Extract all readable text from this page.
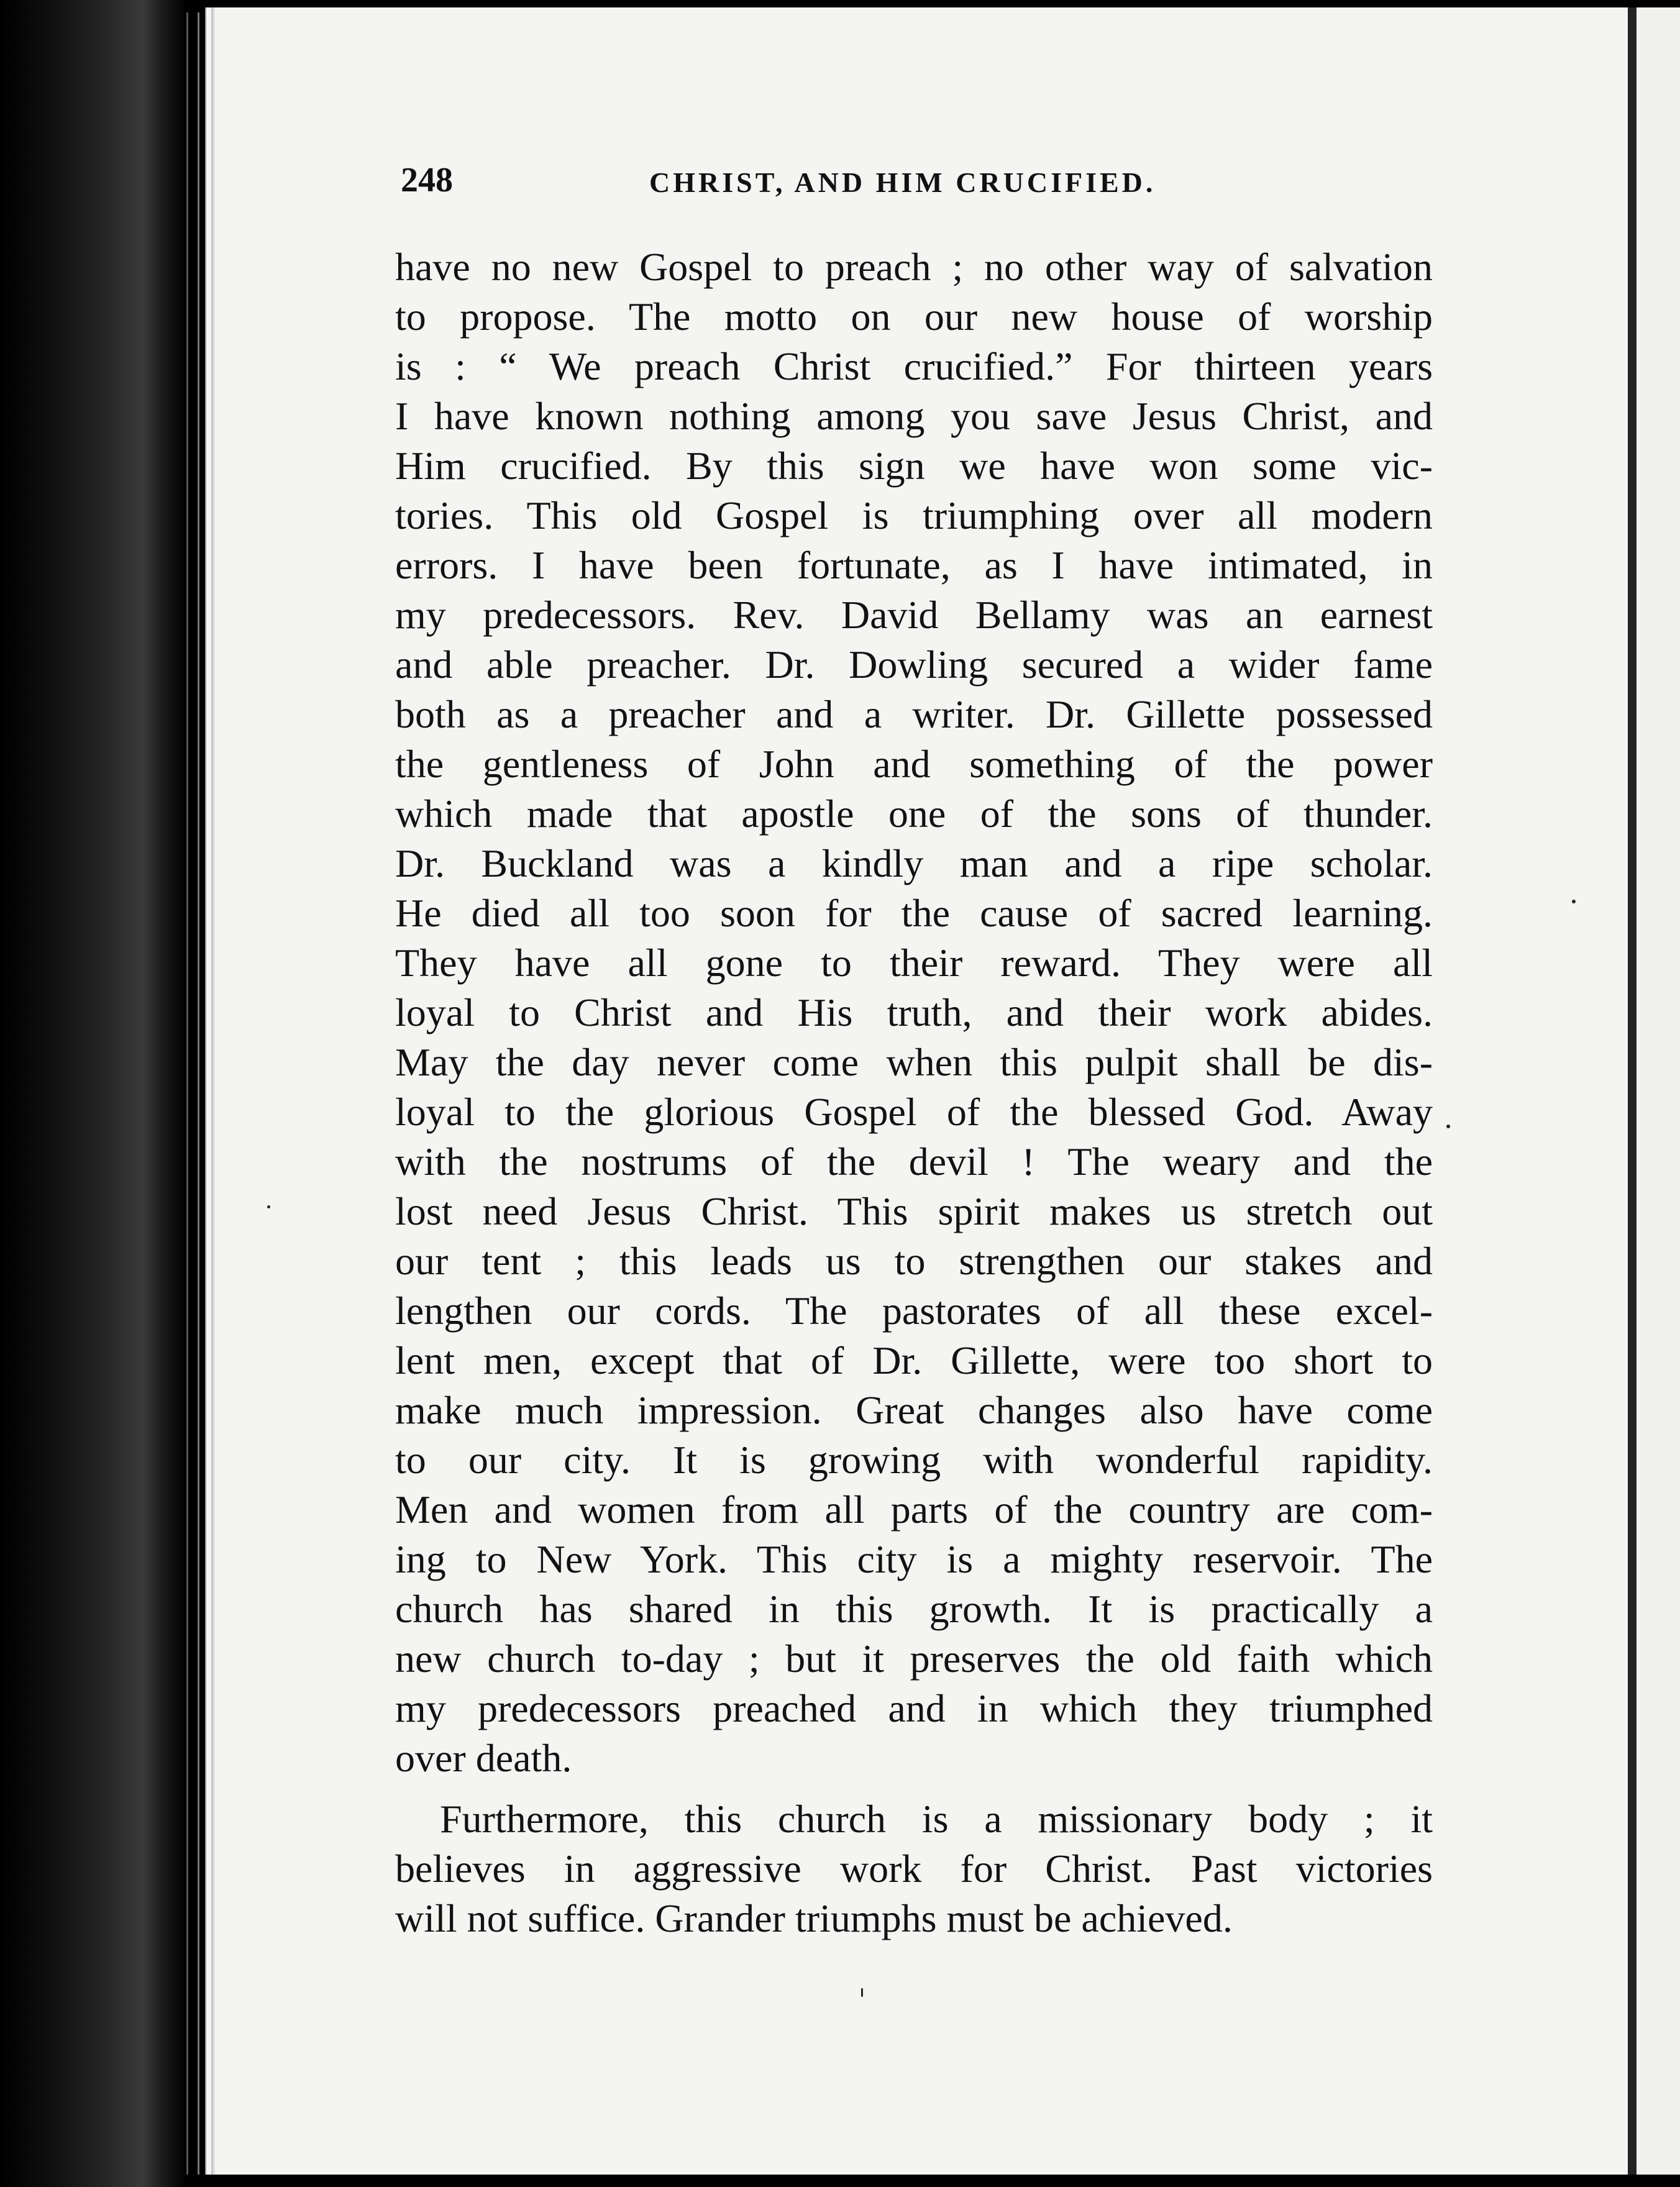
248	CHRIST, AND HIM CRUCIFIED.
have no new Gospel to preach ; no other way of salvation
to propose. The motto on our new house of worship
is : “ We preach Christ crucified.” For thirteen years
I have known nothing among you save Jesus Christ, and
Him crucified. By this sign we have won some vic-
tories. This old Gospel is triumphing over all modern
errors. I have been fortunate, as I have intimated, in
my predecessors. Rev. David Bellamy was an earnest
and able preacher. Dr. Dowling secured a wider fame
both as a preacher and a writer. Dr. Gillette possessed
the gentleness of John and something of the power
which made that apostle one of the sons of thunder.
Dr. Buckland was a kindly man and a ripe scholar.
He died all too soon for the cause of sacred learning.
They have all gone to their reward. They were all
loyal to Christ and His truth, and their work abides.
May the day never come when this pulpit shall be dis-
loyal to the glorious Gospel of the blessed God. Away
with the nostrums of the devil ! The weary and the
lost need Jesus Christ. This spirit makes us stretch out
our tent ; this leads us to strengthen our stakes and
lengthen our cords. The pastorates of all these excel-
lent men, except that of Dr. Gillette, were too short to
make much impression. Great changes also have come
to our city. It is growing with wonderful rapidity.
Men and women from all parts of the country are com-
ing to New York. This city is a mighty reservoir. The
church has shared in this growth. It is practically a
new church to-day ; but it preserves the old faith which
my predecessors preached and in which they triumphed
over death.
Furthermore, this church is a missionary body ; it
believes in aggressive work for Christ. Past victories
will not suffice. Grander triumphs must be achieved.
